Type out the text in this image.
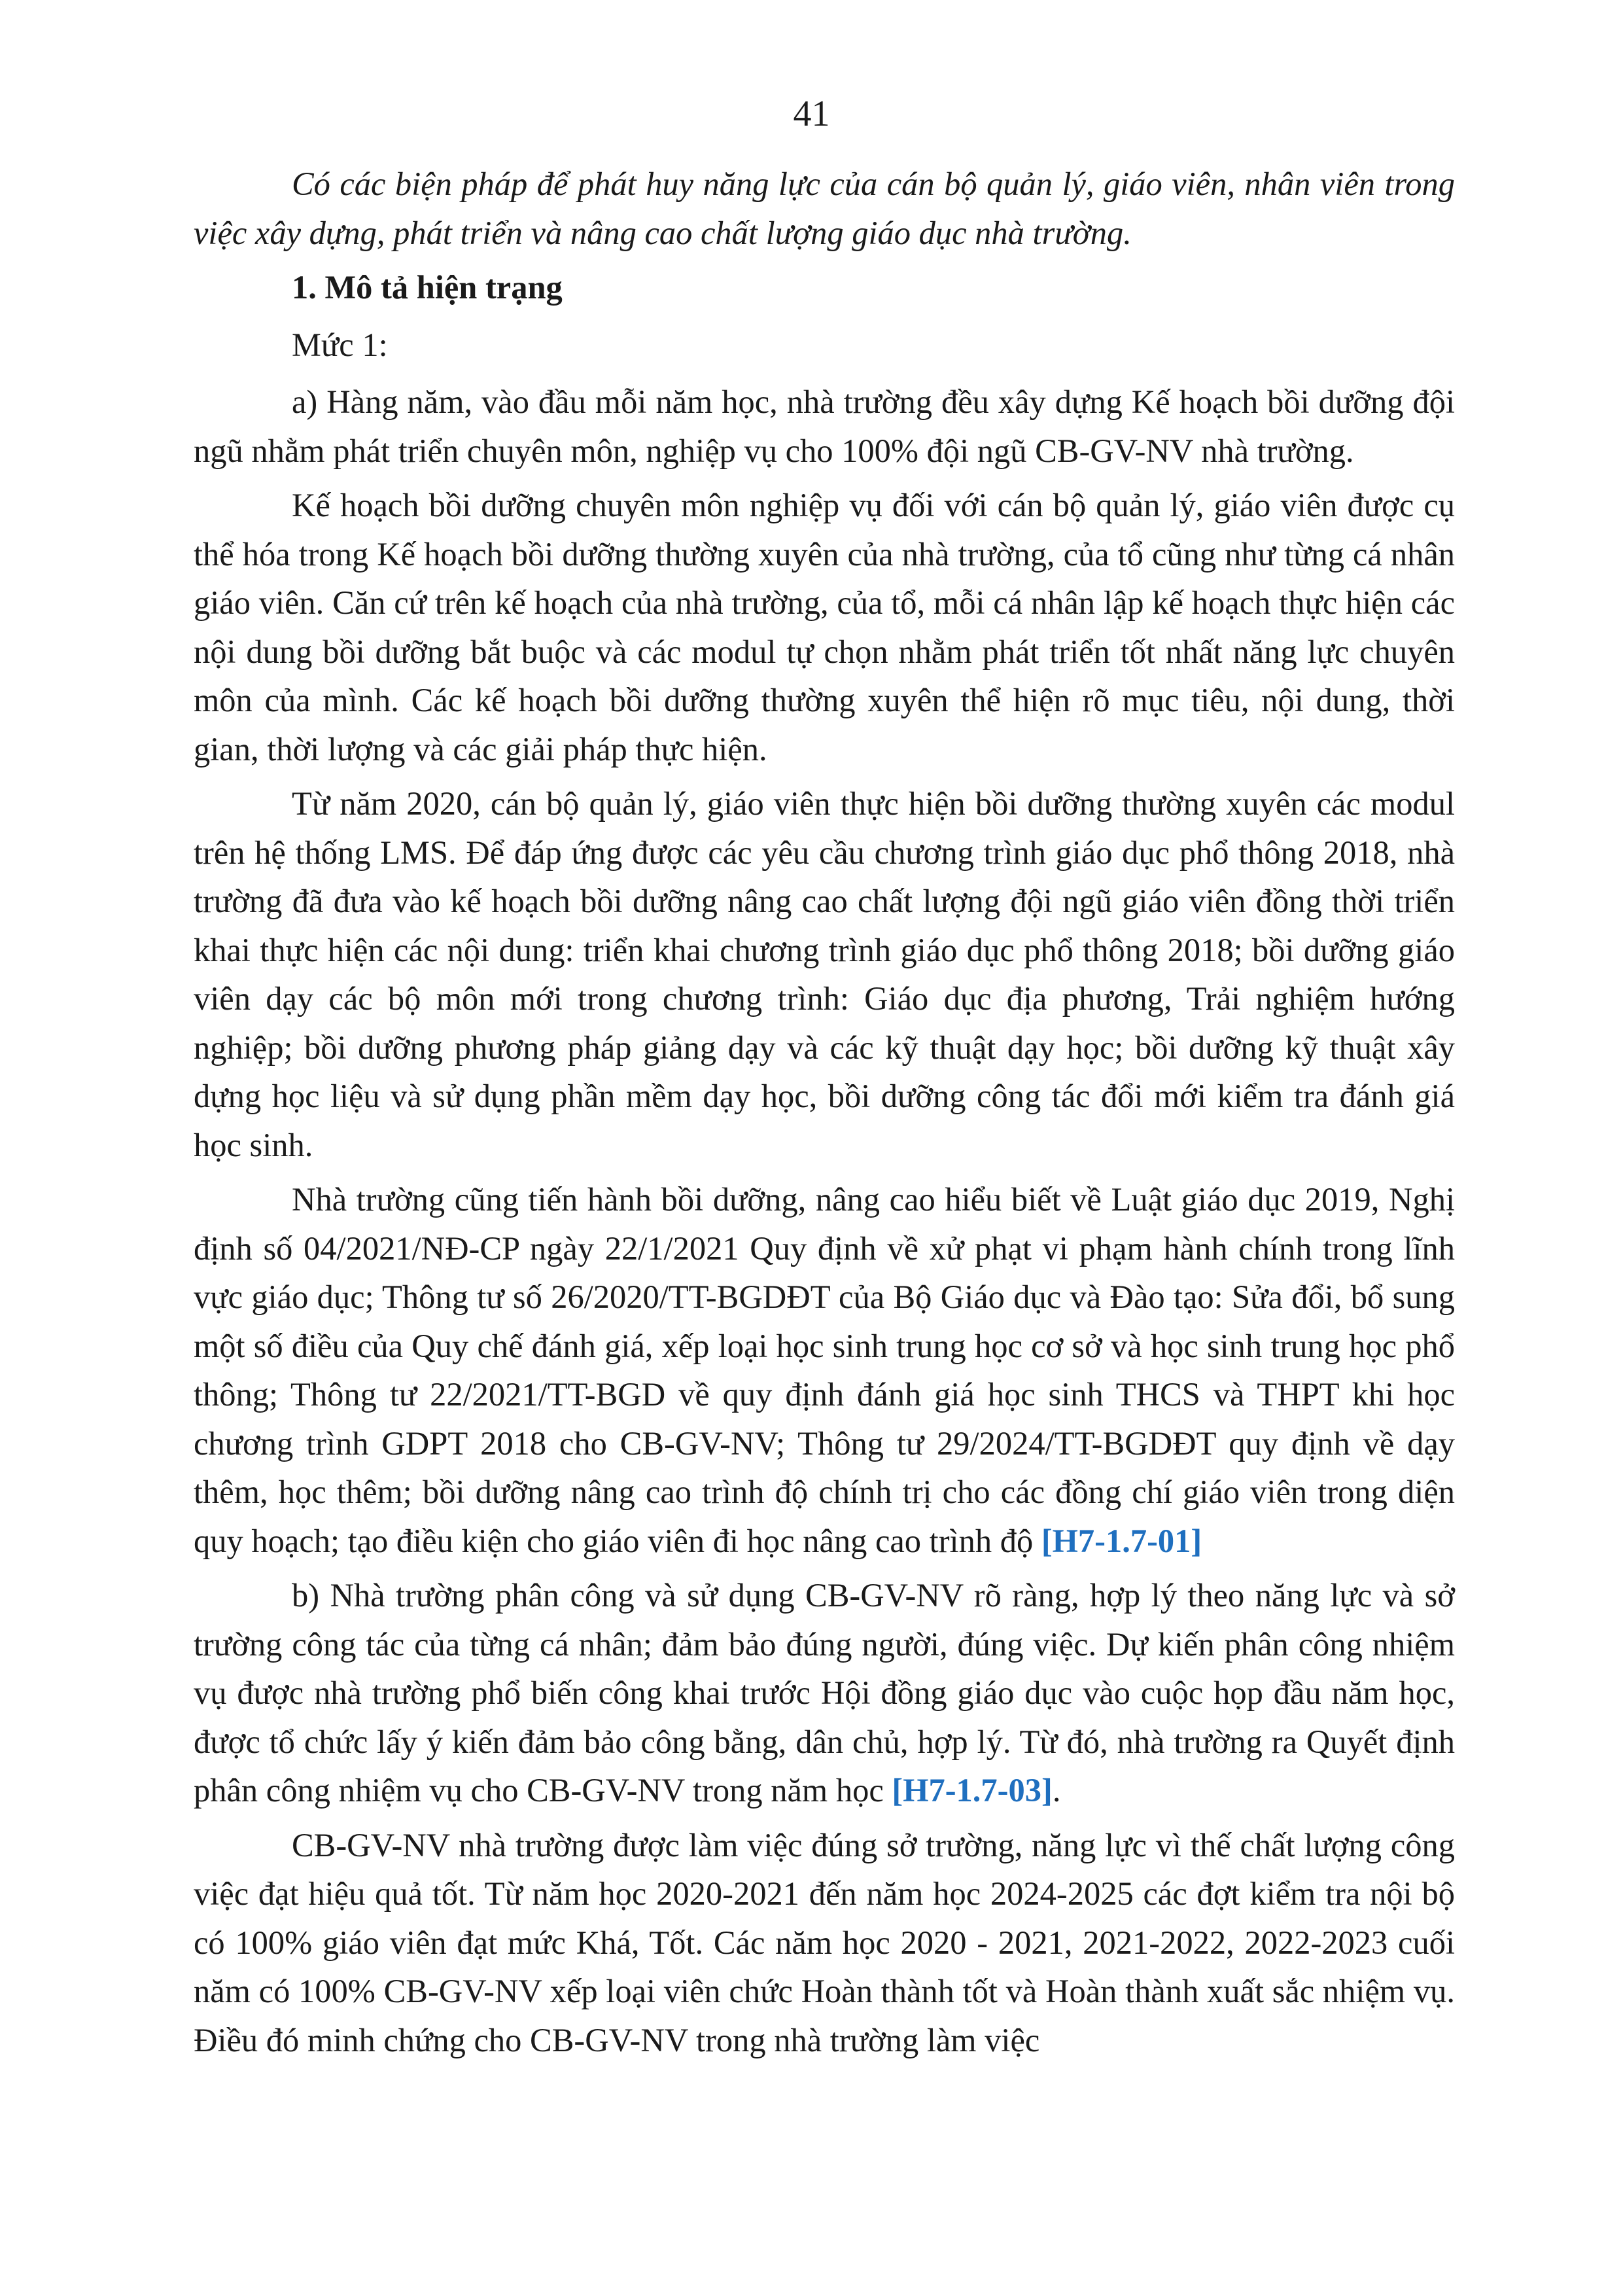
41

Có các biện pháp để phát huy năng lực của cán bộ quản lý, giáo viên, nhân viên trong việc xây dựng, phát triển và nâng cao chất lượng giáo dục nhà trường.

1. Mô tả hiện trạng

Mức 1:

a) Hàng năm, vào đầu mỗi năm học, nhà trường đều xây dựng Kế hoạch bồi dưỡng đội ngũ nhằm phát triển chuyên môn, nghiệp vụ cho 100% đội ngũ CB-GV-NV nhà trường.

Kế hoạch bồi dưỡng chuyên môn nghiệp vụ đối với cán bộ quản lý, giáo viên được cụ thể hóa trong Kế hoạch bồi dưỡng thường xuyên của nhà trường, của tổ cũng như từng cá nhân giáo viên. Căn cứ trên kế hoạch của nhà trường, của tổ, mỗi cá nhân lập kế hoạch thực hiện các nội dung bồi dưỡng bắt buộc và các modul tự chọn nhằm phát triển tốt nhất năng lực chuyên môn của mình. Các kế hoạch bồi dưỡng thường xuyên thể hiện rõ mục tiêu, nội dung, thời gian, thời lượng và các giải pháp thực hiện.

Từ năm 2020, cán bộ quản lý, giáo viên thực hiện bồi dưỡng thường xuyên các modul trên hệ thống LMS. Để đáp ứng được các yêu cầu chương trình giáo dục phổ thông 2018, nhà trường đã đưa vào kế hoạch bồi dưỡng nâng cao chất lượng đội ngũ giáo viên đồng thời triển khai thực hiện các nội dung: triển khai chương trình giáo dục phổ thông 2018; bồi dưỡng giáo viên dạy các bộ môn mới trong chương trình: Giáo dục địa phương, Trải nghiệm hướng nghiệp; bồi dưỡng phương pháp giảng dạy và các kỹ thuật dạy học; bồi dưỡng kỹ thuật xây dựng học liệu và sử dụng phần mềm dạy học, bồi dưỡng công tác đổi mới kiểm tra đánh giá học sinh.

Nhà trường cũng tiến hành bồi dưỡng, nâng cao hiểu biết về Luật giáo dục 2019, Nghị định số 04/2021/NĐ-CP ngày 22/1/2021 Quy định về xử phạt vi phạm hành chính trong lĩnh vực giáo dục; Thông tư số 26/2020/TT-BGDĐT của Bộ Giáo dục và Đào tạo: Sửa đổi, bổ sung một số điều của Quy chế đánh giá, xếp loại học sinh trung học cơ sở và học sinh trung học phổ thông; Thông tư 22/2021/TT-BGD về quy định đánh giá học sinh THCS và THPT khi học chương trình GDPT 2018 cho CB-GV-NV; Thông tư 29/2024/TT-BGDĐT quy định về dạy thêm, học thêm; bồi dưỡng nâng cao trình độ chính trị cho các đồng chí giáo viên trong diện quy hoạch; tạo điều kiện cho giáo viên đi học nâng cao trình độ [H7-1.7-01]

b) Nhà trường phân công và sử dụng CB-GV-NV rõ ràng, hợp lý theo năng lực và sở trường công tác của từng cá nhân; đảm bảo đúng người, đúng việc. Dự kiến phân công nhiệm vụ được nhà trường phổ biến công khai trước Hội đồng giáo dục vào cuộc họp đầu năm học, được tổ chức lấy ý kiến đảm bảo công bằng, dân chủ, hợp lý. Từ đó, nhà trường ra Quyết định phân công nhiệm vụ cho CB-GV-NV trong năm học [H7-1.7-03].

CB-GV-NV nhà trường được làm việc đúng sở trường, năng lực vì thế chất lượng công việc đạt hiệu quả tốt. Từ năm học 2020-2021 đến năm học 2024-2025 các đợt kiểm tra nội bộ có 100% giáo viên đạt mức Khá, Tốt. Các năm học 2020 - 2021, 2021-2022, 2022-2023 cuối năm có 100% CB-GV-NV xếp loại viên chức Hoàn thành tốt và Hoàn thành xuất sắc nhiệm vụ. Điều đó minh chứng cho CB-GV-NV trong nhà trường làm việc
